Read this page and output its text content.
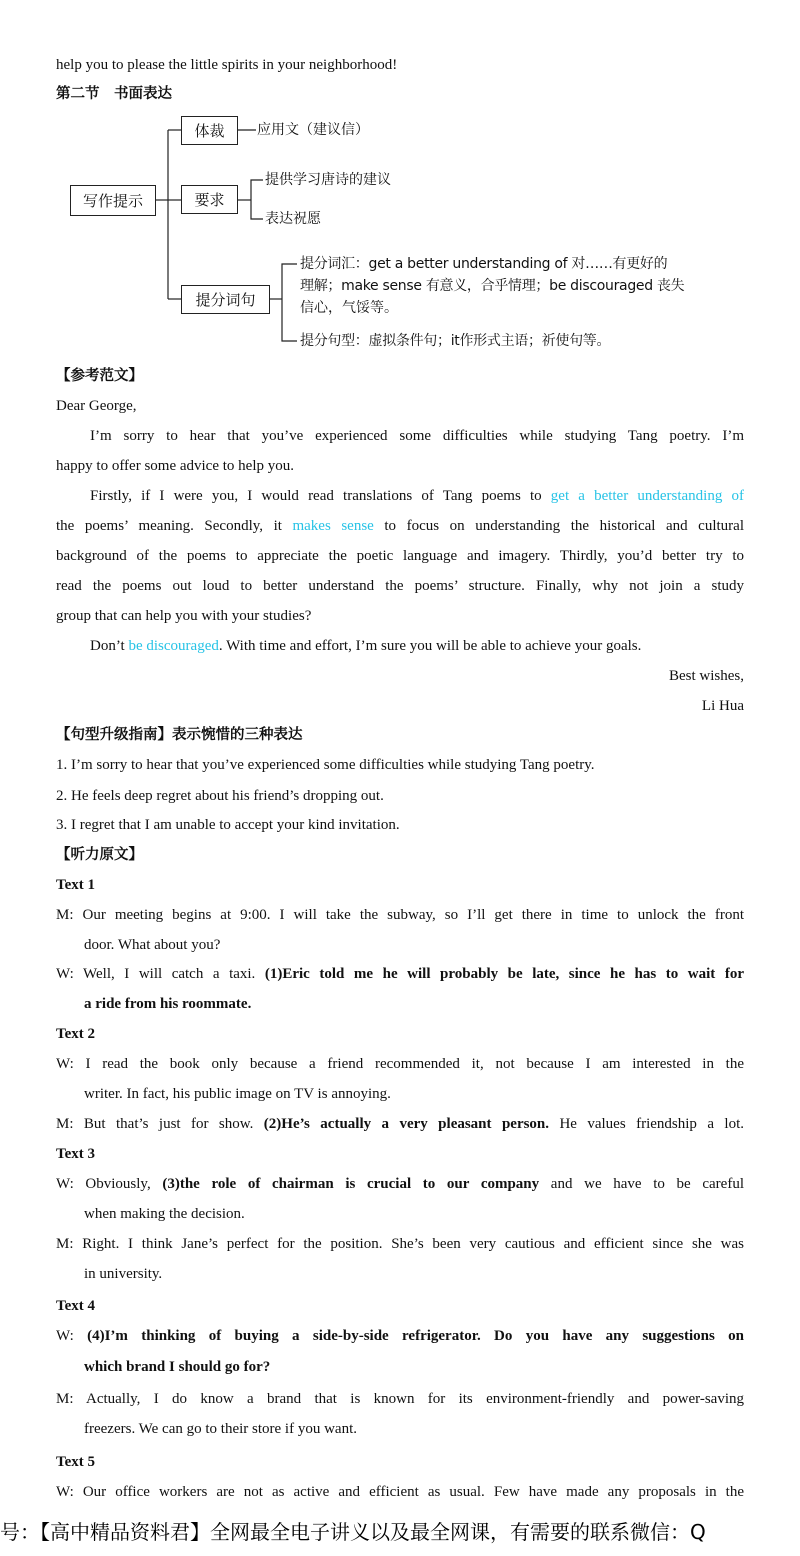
help you to please the little spirits in your neighborhood!
第二节　书面表达
写作提示
体裁
要求
提分词句
应用文（建议信）
提供学习唐诗的建议
表达祝愿
提分词汇：get a better understanding of 对……有更好的
理解；make sense 有意义，合乎情理；be discouraged 丧失
信心，气馁等。
提分句型：虚拟条件句；it作形式主语；祈使句等。
【参考范文】
Dear George,
I’m sorry to hear that you’ve experienced some difficulties while studying Tang poetry. I’m
happy to offer some advice to help you.
Firstly, if I were you, I would read translations of Tang poems to get a better understanding of
the poems’ meaning. Secondly, it makes sense to focus on understanding the historical and cultural
background of the poems to appreciate the poetic language and imagery. Thirdly, you’d better try to
read the poems out loud to better understand the poems’ structure. Finally, why not join a study
group that can help you with your studies?
Don’t be discouraged. With time and effort, I’m sure you will be able to achieve your goals.
Best wishes,
Li Hua
【句型升级指南】表示惋惜的三种表达
1. I’m sorry to hear that you’ve experienced some difficulties while studying Tang poetry.
2. He feels deep regret about his friend’s dropping out.
3. I regret that I am unable to accept your kind invitation.
【听力原文】
Text 1
M: Our meeting begins at 9:00. I will take the subway, so I’ll get there in time to unlock the front
door. What about you?
W: Well, I will catch a taxi. (1)Eric told me he will probably be late, since he has to wait for
a ride from his roommate.
Text 2
W: I read the book only because a friend recommended it, not because I am interested in the
writer. In fact, his public image on TV is annoying.
M: But that’s just for show. (2)He’s actually a very pleasant person. He values friendship a lot.
Text 3
W: Obviously, (3)the role of chairman is crucial to our company and we have to be careful
when making the decision.
M: Right. I think Jane’s perfect for the position. She’s been very cautious and efficient since she was
in university.
Text 4
W: (4)I’m thinking of buying a side-by-side refrigerator. Do you have any suggestions on
which brand I should go for?
M: Actually, I do know a brand that is known for its environment-friendly and power-saving
freezers. We can go to their store if you want.
Text 5
W: Our office workers are not as active and efficient as usual. Few have made any proposals in the
号：【高中精品资料君】全网最全电子讲义以及最全网课，有需要的联系微信：Q
